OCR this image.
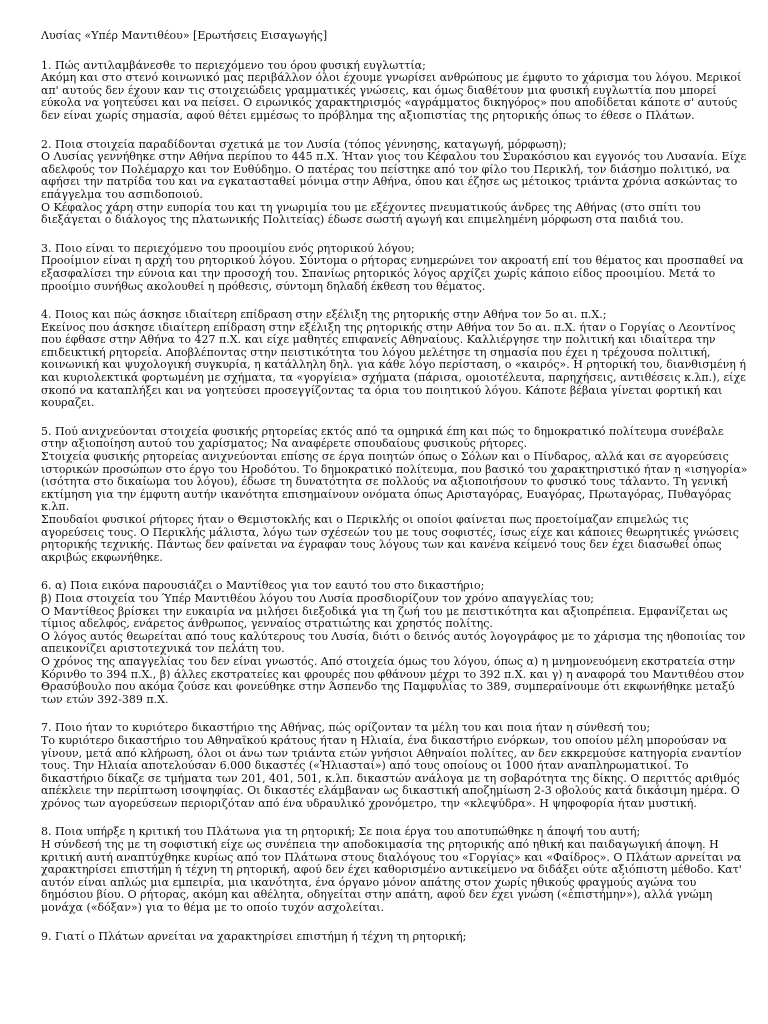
Λυσίας «Υπέρ Μαντιθέου» [Ερωτήσεις Εισαγωγής]

1. Πώς αντιλαμβάνεσθε το περιεχόμενο του όρου φυσική ευγλωττία;

Ακόμη και στο στενό κοινωνικό μας περιβάλλον όλοι έχουμε γνωρίσει ανθρώπους με έμφυτο το χάρισμα του λόγου. Μερικοί απ' αυτούς δεν έχουν καν τις στοιχειώδεις γραμματικές γνώσεις, και όμως διαθέτουν μια φυσική ευγλωττία που μπορεί εύκολα να γοητεύσει και να πείσει. Ο ειρωνικός χαρακτηρισμός «αγράμματος δικηγόρος» που αποδίδεται κάποτε σ' αυτούς δεν είναι χωρίς σημασία, αφού θέτει εμμέσως το πρόβλημα της αξιοπιστίας της ρητορικής όπως το έθεσε ο Πλάτων.

2. Ποια στοιχεία παραδίδονται σχετικά με τον Λυσία (τόπος γέννησης, καταγωγή, μόρφωση);

Ο Λυσίας γεννήθηκε στην Αθήνα περίπου το 445 π.Χ. Ήταν γιος του Κέφαλου του Συρακόσιου και εγγονός του Λυσανία. Είχε αδελφούς τον Πολέμαρχο και τον Ευθύδημο. Ο πατέρας του πείστηκε από τον φίλο του Περικλή, τον διάσημο πολιτικό, να αφήσει την πατρίδα του και να εγκατασταθεί μόνιμα στην Αθήνα, όπου και έζησε ως μέτοικος τριάντα χρόνια ασκώντας το επάγγελμα του ασπιδοποιού.

Ο Κέφαλος χάρη στην ευπορία του και τη γνωριμία του με εξέχοντες πνευματικούς άνδρες της Αθήνας (στο σπίτι του διεξάγεται ο διάλογος της πλατωνικής Πολιτείας) έδωσε σωστή αγωγή και επιμελημένη μόρφωση στα παιδιά του.

3. Ποιο είναι το περιεχόμενο του προοιμίου ενός ρητορικού λόγου;

Προοίμιον είναι η αρχή του ρητορικού λόγου. Σύντομα ο ρήτορας ενημερώνει τον ακροατή επί του θέματος και προσπαθεί να εξασφαλίσει την εύνοια και την προσοχή του. Σπανίως ρητορικός λόγος αρχίζει χωρίς κάποιο είδος προοιμίου. Μετά το προοίμιο συνήθως ακολουθεί η πρόθεσις, σύντομη δηλαδή έκθεση του θέματος.

4. Ποιος και πώς άσκησε ιδιαίτερη επίδραση στην εξέλιξη της ρητορικής στην Αθήνα τον 5ο αι. π.Χ.;

Εκείνος που άσκησε ιδιαίτερη επίδραση στην εξέλιξη της ρητορικής στην Αθήνα τον 5ο αι. π.Χ. ήταν ο Γοργίας ο Λεοντίνος που έφθασε στην Αθήνα το 427 π.Χ. και είχε μαθητές επιφανείς Αθηναίους. Καλλιέργησε την πολιτική και ιδιαίτερα την επιδεικτική ρητορεία. Αποβλέποντας στην πειστικότητα του λόγου μελέτησε τη σημασία που έχει η τρέχουσα πολιτική, κοινωνική και ψυχολογική συγκυρία, η κατάλληλη δηλ. για κάθε λόγο περίσταση, ο «καιρός». Η ρητορική του, διανθισμένη ή και κυριολεκτικά φορτωμένη με σχήματα, τα «γοργίεια» σχήματα (πάρισα, ομοιοτέλευτα, παρηχήσεις, αντιθέσεις κ.λπ.), είχε σκοπό να καταπλήξει και να γοητεύσει προσεγγίζοντας τα όρια του ποιητικού λόγου. Κάποτε βέβαια γίνεται φορτική και κουραζει.

5. Πού ανιχνεύονται στοιχεία φυσικής ρητορείας εκτός από τα ομηρικά έπη και πώς το δημοκρατικό πολίτευμα συνέβαλε στην αξιοποίηση αυτού του χαρίσματος; Να αναφέρετε σπουδαίους φυσικούς ρήτορες.

Στοιχεία φυσικής ρητορείας ανιχνεύονται επίσης σε έργα ποιητών όπως ο Σόλων και ο Πίνδαρος, αλλά και σε αγορεύσεις ιστορικών προσώπων στο έργο του Ηροδότου. Το δημοκρατικό πολίτευμα, που βασικό του χαρακτηριστικό ήταν η «ισηγορία» (ισότητα στο δικαίωμα του λόγου), έδωσε τη δυνατότητα σε πολλούς να αξιοποιήσουν το φυσικό τους τάλαντο. Τη γενική εκτίμηση για την έμφυτη αυτήν ικανότητα επισημαίνουν ονόματα όπως Αρισταγόρας, Ευαγόρας, Πρωταγόρας, Πυθαγόρας κ.λπ.

Σπουδαίοι φυσικοί ρήτορες ήταν ο Θεμιστοκλής και ο Περικλής οι οποίοι φαίνεται πως προετοίμαζαν επιμελώς τις αγορεύσεις τους. Ο Περικλής μάλιστα, λόγω των σχέσεών του με τους σοφιστές, ίσως είχε και κάποιες θεωρητικές γνώσεις ρητορικής τεχνικής. Πάντως δεν φαίνεται να έγραφαν τους λόγους των και κανένα κείμενό τους δεν έχει διασωθεί όπως ακριβώς εκφωνήθηκε.

6. α) Ποια εικόνα παρουσιάζει ο Μαντίθεος για τον εαυτό του στο δικαστήριο;

β) Ποια στοιχεία του Ύπέρ Μαντιθέου λόγου του Λυσία προσδιορίζουν τον χρόνο απαγγελίας του;

Ο Μαντίθεος βρίσκει την ευκαιρία να μιλήσει διεξοδικά για τη ζωή του με πειστικότητα και αξιοπρέπεια. Εμφανίζεται ως τίμιος αδελφός, ενάρετος άνθρωπος, γενναίος στρατιώτης και χρηστός πολίτης.

Ο λόγος αυτός θεωρείται από τους καλύτερους του Λυσία, διότι ο δεινός αυτός λογογράφος με το χάρισμα της ηθοποιίας τον απεικονίζει αριστοτεχνικά τον πελάτη του.

Ο χρόνος της απαγγελίας του δεν είναι γνωστός. Από στοιχεία όμως του λόγου, όπως α) η μνημονευόμενη εκστρατεία στην Κόρινθο το 394 π.Χ., β) άλλες εκστρατείες και φρουρές που φθάνουν μέχρι το 392 π.Χ. και γ) η αναφορά του Μαντιθέου στον Θρασύβουλο που ακόμα ζούσε και φονεύθηκε στην Άσπενδο της Παμφυλίας το 389, συμπεραίνουμε ότι εκφωνήθηκε μεταξύ των ετών 392-389 π.Χ.

7. Ποιο ήταν το κυριότερο δικαστήριο της Αθήνας, πώς ορίζονταν τα μέλη του και ποια ήταν η σύνθεσή του;

Το κυριότερο δικαστήριο του Αθηναϊκού κράτους ήταν η Ηλιαία, ένα δικαστήριο ενόρκων, του οποίου μέλη μπορούσαν να γίνουν, μετά από κλήρωση, όλοι οι άνω των τριάντα ετών γνήσιοι Αθηναίοι πολίτες, αν δεν εκκρεμούσε κατηγορία εναντίον τους. Την Ηλιαία αποτελούσαν 6.000 δικαστές («Ἡλιασταί») από τους οποίους οι 1000 ήταν αναπληρωματικοί. Το δικαστήριο δίκαζε σε τμήματα των 201, 401, 501, κ.λπ. δικαστών ανάλογα με τη σοβαρότητα της δίκης. Ο περιττός αριθμός απέκλειε την περίπτωση ισοψηφίας. Οι δικαστές ελάμβαναν ως δικαστική αποζημίωση 2-3 οβολούς κατά δικάσιμη ημέρα. Ο χρόνος των αγορεύσεων περιοριζόταν από ένα υδραυλικό χρονόμετρο, την «κλεψύδρα». Η ψηφοφορία ήταν μυστική.

8. Ποια υπήρξε η κριτική του Πλάτωνα για τη ρητορική; Σε ποια έργα του αποτυπώθηκε η άποψή του αυτή;

Η σύνδεσή της με τη σοφιστική είχε ως συνέπεια την αποδοκιμασία της ρητορικής από ηθική και παιδαγωγική άποψη. Η κριτική αυτή αναπτύχθηκε κυρίως από τον Πλάτωνα στους διαλόγους του «Γοργίας» και «Φαίδρος». Ο Πλάτων αρνείται να χαρακτηρίσει επιστήμη ή τέχνη τη ρητορική, αφού δεν έχει καθορισμένο αντικείμενο να διδάξει ούτε αξιόπιστη μέθοδο. Κατ' αυτόν είναι απλώς μια εμπειρία, μια ικανότητα, ένα όργανο μόνον απάτης στον χωρίς ηθικούς φραγμούς αγώνα του δημόσιου βίου. Ο ρήτορας, ακόμη και αθέλητα, οδηγείται στην απάτη, αφού δεν έχει γνώση («ἐπιστήμην»), αλλά γνώμη μονάχα («δόξαν») για το θέμα με το οποίο τυχόν ασχολείται.

9. Γιατί ο Πλάτων αρνείται να χαρακτηρίσει επιστήμη ή τέχνη τη ρητορική;
